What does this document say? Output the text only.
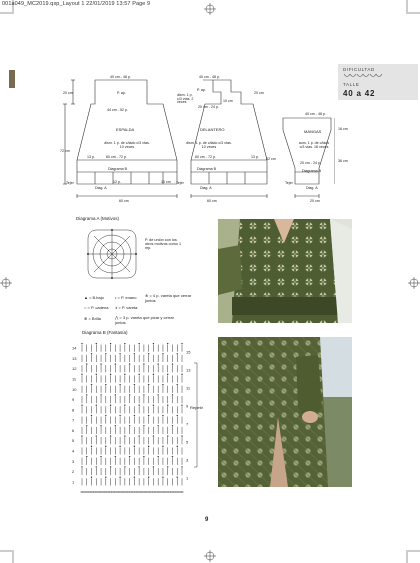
001a049_MC2019.qxp_Layout 1 22/01/2019 13:57 Page 9
DIFICULTAD
TALLE
40 a 42
40 cm - 48 p.
P. ap.
44 cm - 52 p.
20 cm
72 cm
ESPALDA
dism. 1 p. de c/lado c/3 vtas. 10 veces
60 cm - 72 p.
13 p.
Diagrama B
12 p.
Diag. A
Tejer
60 cm
10 cm
40 cm - 48 p.
P. ap.
dism. 1 p. c/3 vtas. 2 veces	10 cm
20 cm
20 cm - 24 p.
DELANTERO
dism. 1 p. de c/lado c/3 vtas. 10 veces
60 cm - 72 p.	13 p.
Diagrama B
Diag. A
Tejer
60 cm
40 cm - 48 p.
MANGAS
aum. 1 p. de c/lado c/3 vtas. 18 veces
20 cm - 24 p.
Diagrama B
52 cm
16 cm
36 cm
Diag. A
Tejer
20 cm
Diagrama A (Motivos)
P. de unión con los otros motivos como 1 mp.
▲ = B.bajo	• = P. enano ⋔ = 4 p. vareta que cerrar juntos
○ = P. cadena ǂ = P. vareta
⊕ = Brilla	⋀ = 3 p. vareta que picar y cerrar juntos
Diagrama B (Fantasía)
14
13
12
11
10
9
8
7
6
5
4
3
2
1
15
13
11
9
7
5
3
1
Repetir
9
